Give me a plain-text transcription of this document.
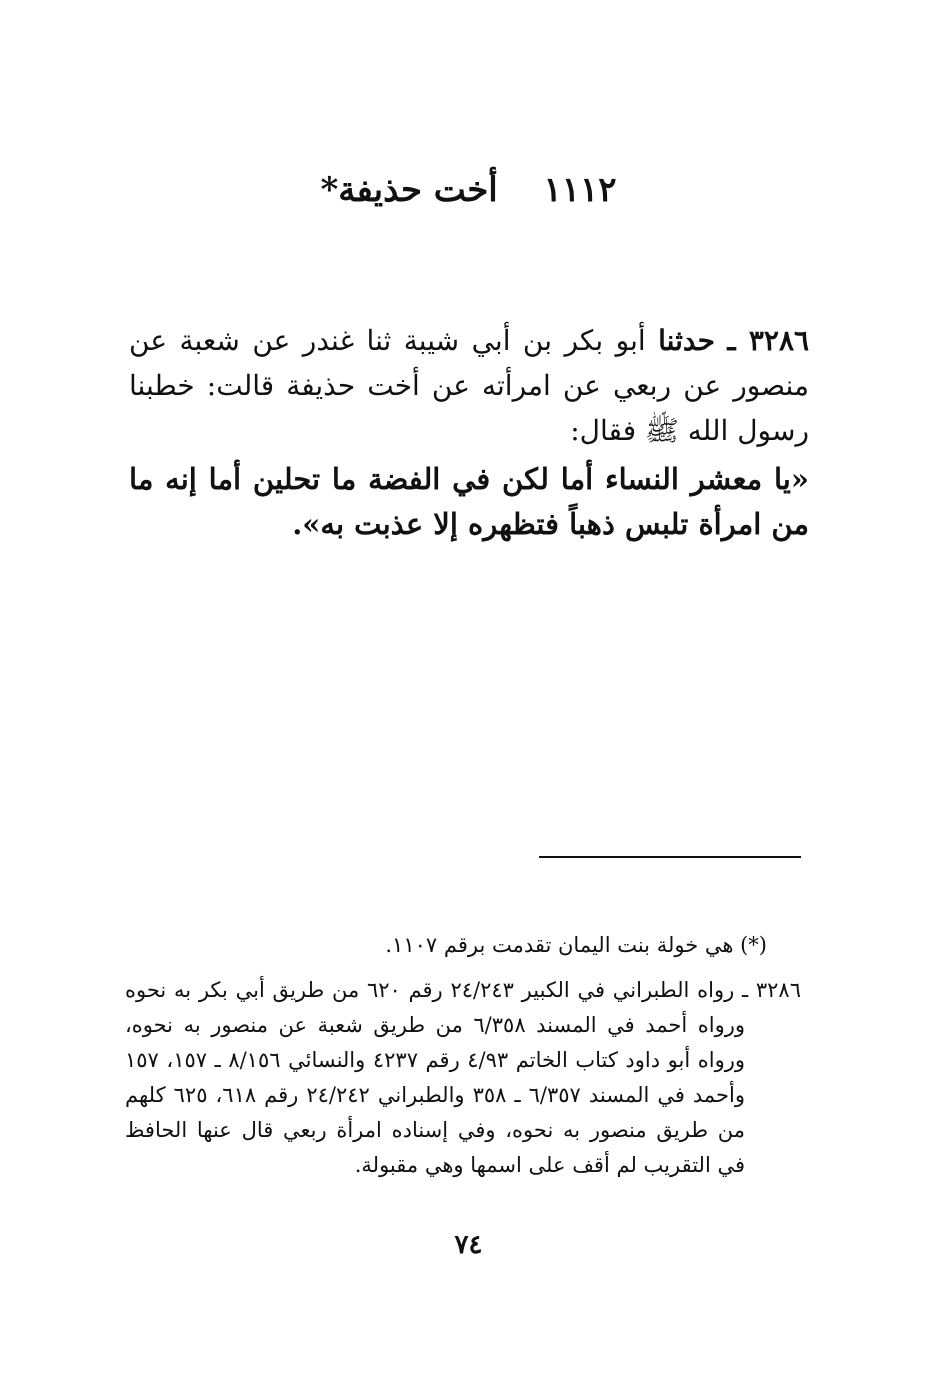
١١١٢ أخت حذيفة*

٣٢٨٦ ـ حدثنا أبو بكر بن أبي شيبة ثنا غندر عن شعبة عن منصور عن ربعي عن امرأته عن أخت حذيفة قالت: خطبنا رسول الله ﷺ فقال:

«يا معشر النساء أما لكن في الفضة ما تحلين أما إنه ما من امرأة تلبس ذهباً فتظهره إلا عذبت به».

(*) هي خولة بنت اليمان تقدمت برقم ١١٠٧.

٣٢٨٦ ـ رواه الطبراني في الكبير ٢٤/٢٤٣ رقم ٦٢٠ من طريق أبي بكر به نحوه ورواه أحمد في المسند ٦/٣٥٨ من طريق شعبة عن منصور به نحوه، ورواه أبو داود كتاب الخاتم ٤/٩٣ رقم ٤٢٣٧ والنسائي ٨/١٥٦ ـ ١٥٧، ١٥٧ وأحمد في المسند ٦/٣٥٧ ـ ٣٥٨ والطبراني ٢٤/٢٤٢ رقم ٦١٨، ٦٢٥ كلهم من طريق منصور به نحوه، وفي إسناده امرأة ربعي قال عنها الحافظ في التقريب لم أقف على اسمها وهي مقبولة.

٧٤
